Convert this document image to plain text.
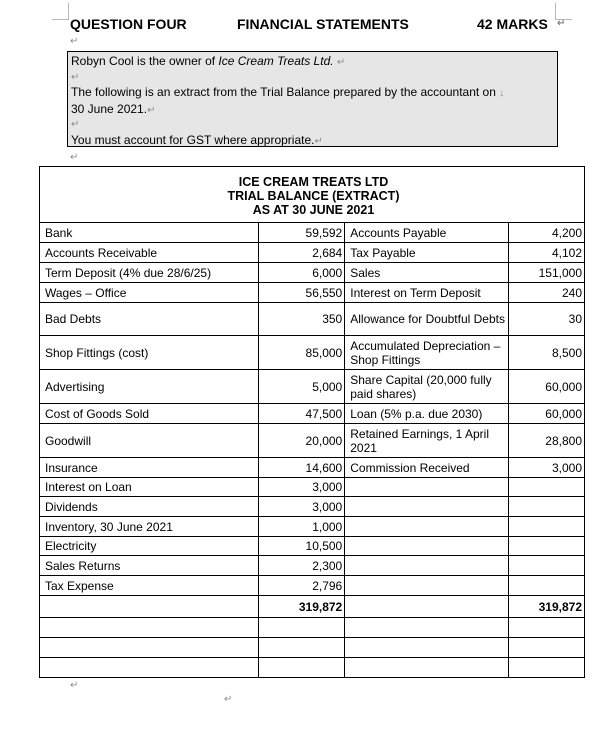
QUESTION FOUR	FINANCIAL STATEMENTS	42 MARKS ↵
↵

Robyn Cool is the owner of Ice Cream Treats Ltd. ↵

↵

The following is an extract from the Trial Balance prepared by the accountant on ↓

30 June 2021.↵

↵

You must account for GST where appropriate.↵

↵
ICE CREAM TREATS LTD
TRIAL BALANCE (EXTRACT)
AS AT 30 JUNE 2021			

Bank	59,592	Accounts Payable	4,200
Accounts Receivable	2,684	Tax Payable	4,102
Term Deposit (4% due 28/6/25)	6,000	Sales	151,000
Wages – Office	56,550	Interest on Term Deposit	240
Bad Debts	350	Allowance for Doubtful Debts	30
Shop Fittings (cost)	85,000	Accumulated Depreciation – Shop Fittings	8,500
Advertising	5,000	Share Capital (20,000 fully paid shares)	60,000
Cost of Goods Sold	47,500	Loan (5% p.a. due 2030)	60,000
Goodwill	20,000	Retained Earnings, 1 April 2021	28,800
Insurance	14,600	Commission Received	3,000
Interest on Loan	3,000		
Dividends	3,000		
Inventory, 30 June 2021	1,000		
Electricity	10,500		
Sales Returns	2,300		
Tax Expense	2,796		
	319,872		319,872

↵
↵
